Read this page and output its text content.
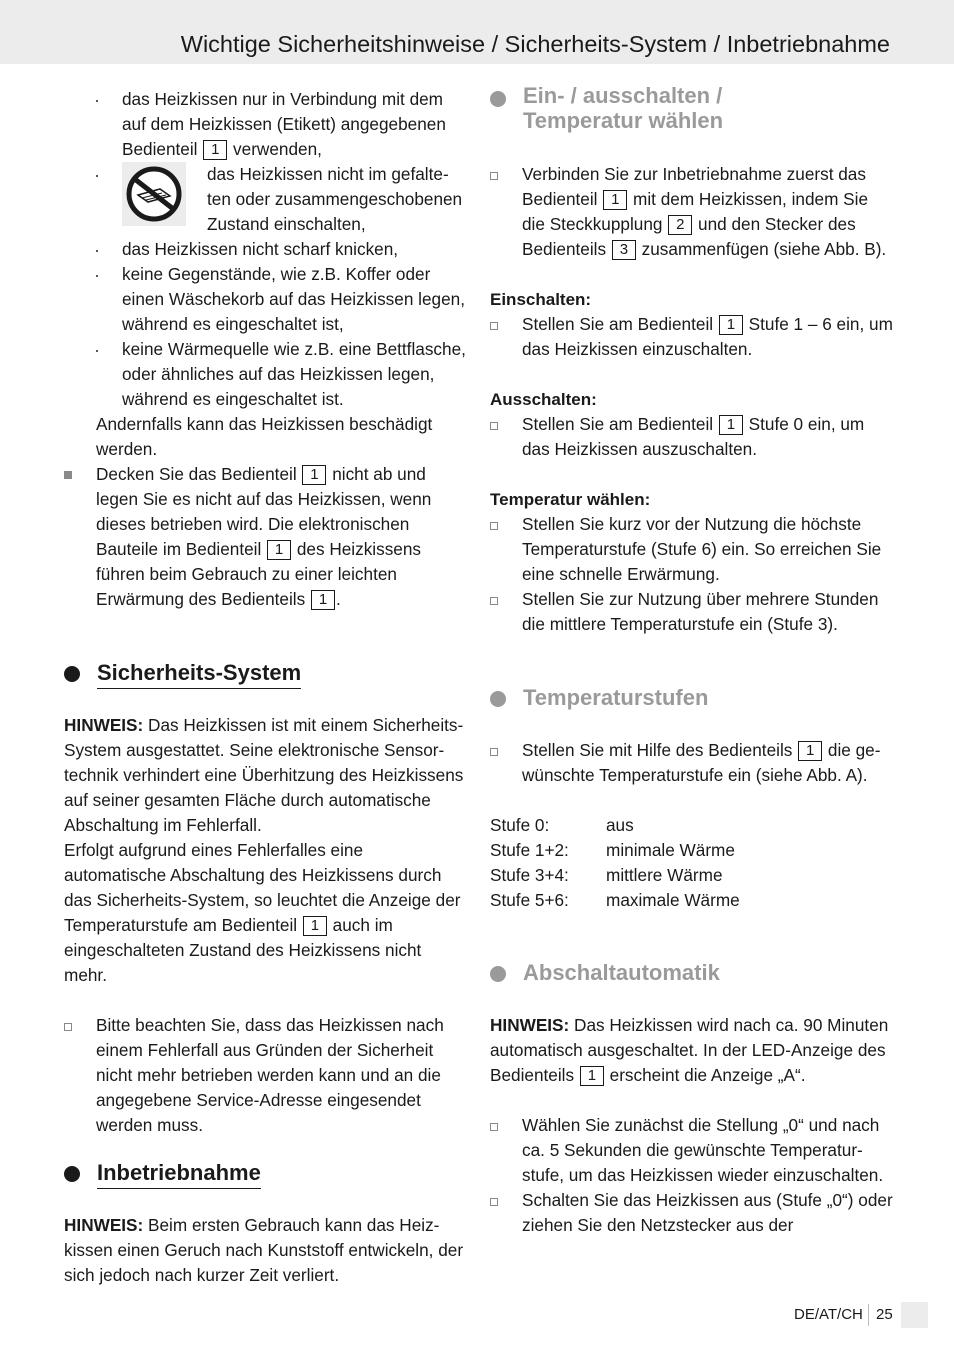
Wichtige Sicherheitshinweise / Sicherheits-System / Inbetriebnahme
das Heizkissen nur in Verbindung mit dem auf dem Heizkissen (Etikett) angegebenen Bedienteil 1 verwenden,
das Heizkissen nicht im gefalte-ten oder zusammengeschobenen Zustand einschalten,
das Heizkissen nicht scharf knicken,
keine Gegenstände, wie z.B. Koffer oder einen Wäschekorb auf das Heizkissen legen, während es eingeschaltet ist,
keine Wärmequelle wie z.B. eine Bettflasche, oder ähnliches auf das Heizkissen legen, während es eingeschaltet ist.

Andernfalls kann das Heizkissen beschädigt werden.

Decken Sie das Bedienteil 1 nicht ab und legen Sie es nicht auf das Heizkissen, wenn dieses betrieben wird. Die elektronischen Bauteile im Bedienteil 1 des Heizkissens führen beim Gebrauch zu einer leichten Erwärmung des Bedienteils 1 .
Sicherheits-System

HINWEIS: Das Heizkissen ist mit einem Sicherheits-System ausgestattet. Seine elektronische Sensor-technik verhindert eine Überhitzung des Heizkissens auf seiner gesamten Fläche durch automatische Abschaltung im Fehlerfall.

Erfolgt aufgrund eines Fehlerfalles eine automatische Abschaltung des Heizkissens durch das Sicherheits-System, so leuchtet die Anzeige der Temperaturstufe am Bedienteil 1 auch im eingeschalteten Zustand des Heizkissens nicht mehr.

Bitte beachten Sie, dass das Heizkissen nach einem Fehlerfall aus Gründen der Sicherheit nicht mehr betrieben werden kann und an die angegebene Service-Adresse eingesendet werden muss.
Inbetriebnahme

HINWEIS: Beim ersten Gebrauch kann das Heiz-kissen einen Geruch nach Kunststoff entwickeln, der sich jedoch nach kurzer Zeit verliert.

Ein- / ausschalten /
Temperatur wählen
Verbinden Sie zur Inbetriebnahme zuerst das Bedienteil 1 mit dem Heizkissen, indem Sie die Steckkupplung 2 und den Stecker des Bedienteils 3 zusammenfügen (siehe Abb. B).

Einschalten:

Stellen Sie am Bedienteil 1 Stufe 1 – 6 ein, um das Heizkissen einzuschalten.

Ausschalten:

Stellen Sie am Bedienteil 1 Stufe 0 ein, um das Heizkissen auszuschalten.

Temperatur wählen:

Stellen Sie kurz vor der Nutzung die höchste Temperaturstufe (Stufe 6) ein. So erreichen Sie eine schnelle Erwärmung.
Stellen Sie zur Nutzung über mehrere Stunden die mittlere Temperaturstufe ein (Stufe 3).
Temperaturstufen
Stellen Sie mit Hilfe des Bedienteils 1 die ge-wünschte Temperaturstufe ein (siehe Abb. A).
Stufe 0:	aus
Stufe 1+2: minimale Wärme
Stufe 3+4: mittlere Wärme
Stufe 5+6: maximale Wärme
Abschaltautomatik

HINWEIS: Das Heizkissen wird nach ca. 90 Minuten automatisch ausgeschaltet. In der LED-Anzeige des Bedienteils 1 erscheint die Anzeige „A“.

Wählen Sie zunächst die Stellung „0“ und nach ca. 5 Sekunden die gewünschte Temperatur-stufe, um das Heizkissen wieder einzuschalten.
Schalten Sie das Heizkissen aus (Stufe „0“) oder ziehen Sie den Netzstecker aus der
DE/AT/CH 25
